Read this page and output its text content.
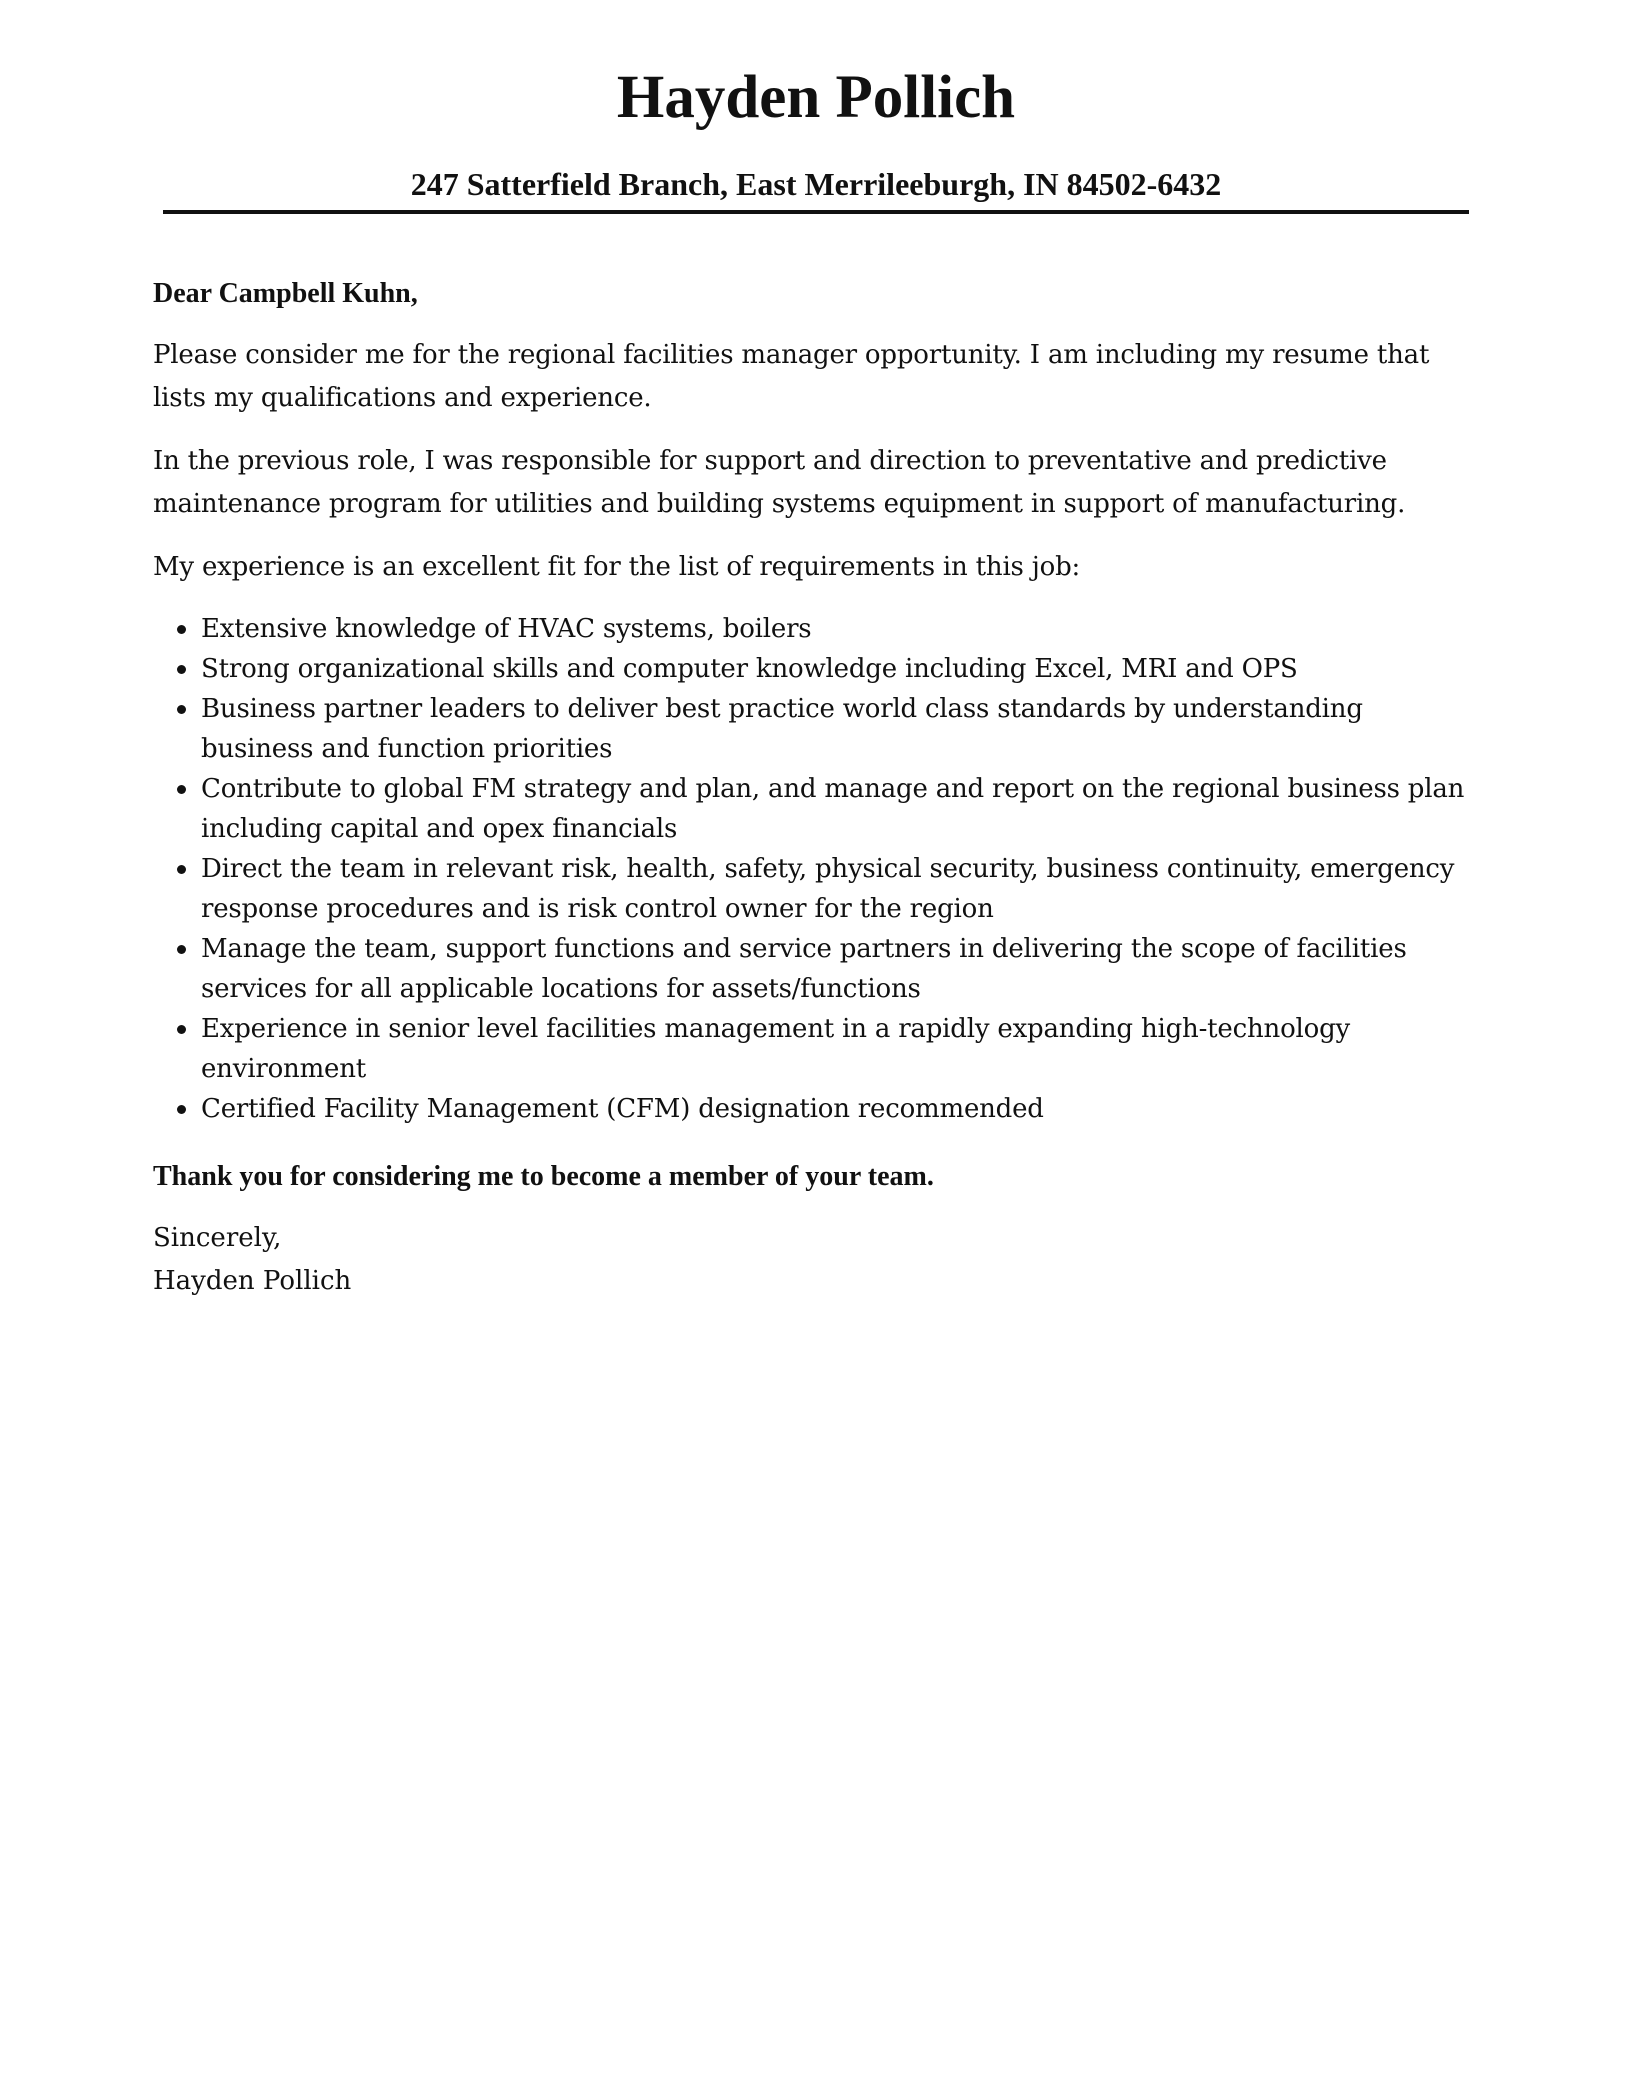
Hayden Pollich
247 Satterfield Branch, East Merrileeburgh, IN 84502-6432

Dear Campbell Kuhn,

Please consider me for the regional facilities manager opportunity. I am including my resume that lists my qualifications and experience.

In the previous role, I was responsible for support and direction to preventative and predictive maintenance program for utilities and building systems equipment in support of manufacturing.

My experience is an excellent fit for the list of requirements in this job:

Extensive knowledge of HVAC systems, boilers
Strong organizational skills and computer knowledge including Excel, MRI and OPS
Business partner leaders to deliver best practice world class standards by understanding business and function priorities
Contribute to global FM strategy and plan, and manage and report on the regional business plan including capital and opex financials
Direct the team in relevant risk, health, safety, physical security, business continuity, emergency response procedures and is risk control owner for the region
Manage the team, support functions and service partners in delivering the scope of facilities services for all applicable locations for assets/functions
Experience in senior level facilities management in a rapidly expanding high-technology environment
Certified Facility Management (CFM) designation recommended

Thank you for considering me to become a member of your team.

Sincerely,
Hayden Pollich
